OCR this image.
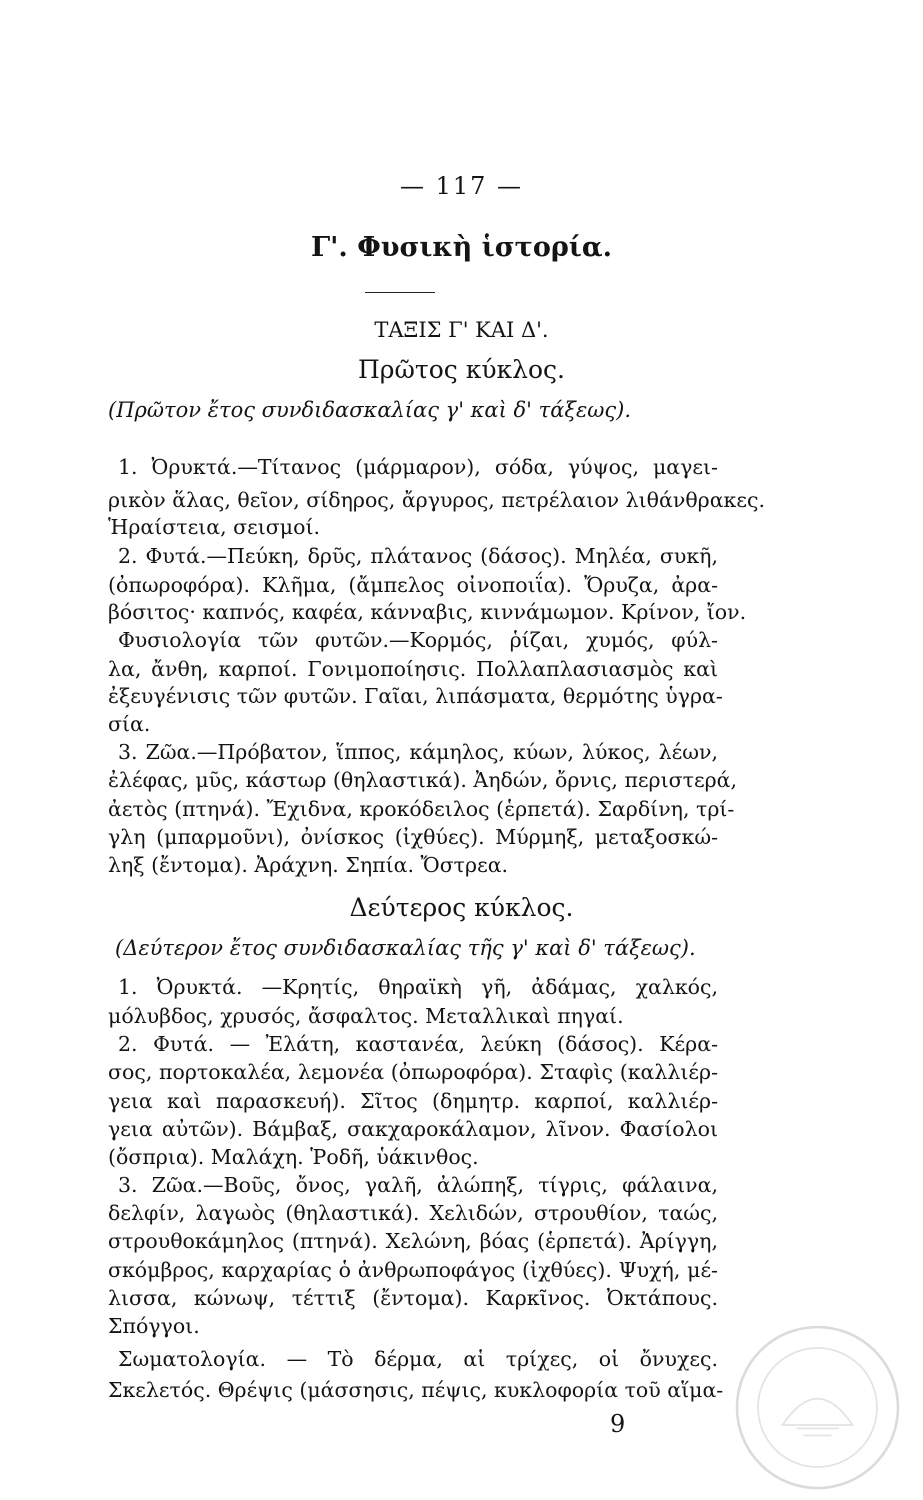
— 117 —
Γ'. Φυσικὴ ἱστορία.
ΤΑΞΙΣ Γ' ΚΑΙ Δ'.
Πρῶτος κύκλος.
(Πρῶτον ἔτος συνδιδασκαλίας γ' καὶ δ' τάξεως).
1. Ὀρυκτά.—Τίτανος (μάρμαρον), σόδα, γύψος, μαγει-
ρικὸν ἅλας, θεῖον, σίδηρος, ἄργυρος, πετρέλαιον λιθάνθρακες.
Ἡραίστεια, σεισμοί.
2. Φυτά.—Πεύκη, δρῦς, πλάτανος (δάσος). Μηλέα, συκῆ,
(ὀπωροφόρα). Κλῆμα, (ἄμπελος οἰνοποιΐα). Ὄρυζα, ἀρα-
βόσιτος· καπνός, καφέα, κάνναβις, κιννάμωμον. Κρίνον, ἴον.
Φυσιολογία τῶν φυτῶν.—Κορμός, ῥίζαι, χυμός, φύλ-
λα, ἄνθη, καρποί. Γονιμοποίησις. Πολλαπλασιασμὸς καὶ
ἐξευγένισις τῶν φυτῶν. Γαῖαι, λιπάσματα, θερμότης ὑγρα-
σία.
3. Ζῶα.—Πρόβατον, ἵππος, κάμηλος, κύων, λύκος, λέων,
ἐλέφας, μῦς, κάστωρ (θηλαστικά). Ἀηδών, ὄρνις, περιστερά,
ἀετὸς (πτηνά). Ἔχιδνα, κροκόδειλος (ἑρπετά). Σαρδίνη, τρί-
γλη (μπαρμοῦνι), ὀνίσκος (ἰχθύες). Μύρμηξ, μεταξοσκώ-
ληξ (ἔντομα). Ἀράχνη. Σηπία. Ὄστρεα.
Δεύτερος κύκλος.
(Δεύτερον ἔτος συνδιδασκαλίας τῆς γ' καὶ δ' τάξεως).
1. Ὀρυκτά. —Κρητίς, θηραϊκὴ γῆ, ἀδάμας, χαλκός,
μόλυβδος, χρυσός, ἄσφαλτος. Μεταλλικαὶ πηγαί.
2. Φυτά. — Ἐλάτη, καστανέα, λεύκη (δάσος). Κέρα-
σος, πορτοκαλέα, λεμονέα (ὀπωροφόρα). Σταφὶς (καλλιέρ-
γεια καὶ παρασκευή). Σῖτος (δημητρ. καρποί, καλλιέρ-
γεια αὐτῶν). Βάμβαξ, σακχαροκάλαμον, λῖνον. Φασίολοι
(ὄσπρια). Μαλάχη. Ῥοδῆ, ὑάκινθος.
3. Ζῶα.—Βοῦς, ὄνος, γαλῆ, ἀλώπηξ, τίγρις, φάλαινα,
δελφίν, λαγωὸς (θηλαστικά). Χελιδών, στρουθίον, ταώς,
στρουθοκάμηλος (πτηνά). Χελώνη, βόας (ἑρπετά). Ἀρίγγη,
σκόμβρος, καρχαρίας ὁ ἀνθρωποφάγος (ἰχθύες). Ψυχή, μέ-
λισσα, κώνωψ, τέττιξ (ἔντομα). Καρκῖνος. Ὀκτάπους.
Σπόγγοι.
Σωματολογία. — Τὸ δέρμα, αἱ τρίχες, οἱ ὄνυχες.
Σκελετός. Θρέψις (μάσσησις, πέψις, κυκλοφορία τοῦ αἵμα-
9
